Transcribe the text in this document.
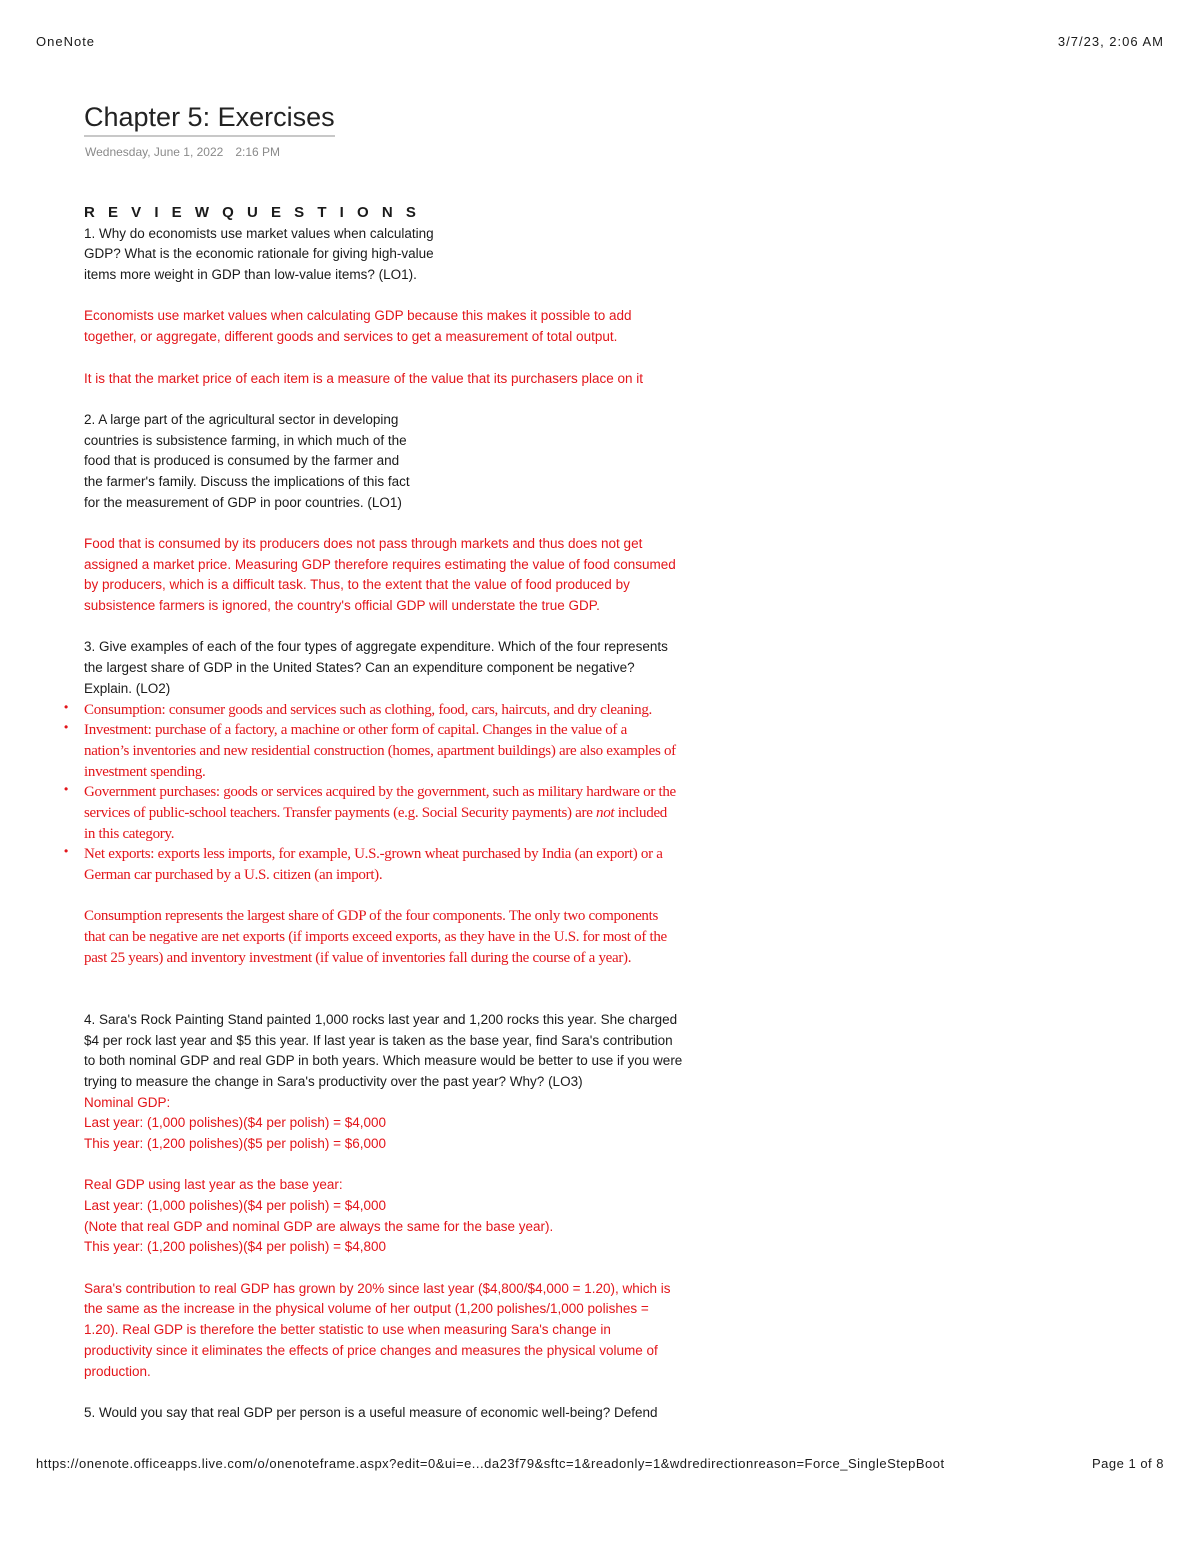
OneNote	3/7/23, 2:06 AM
Chapter 5: Exercises
Wednesday, June 1, 2022 2:16 PM
R E V I E W Q U E S T I O N S
1. Why do economists use market values when calculating
GDP? What is the economic rationale for giving high-value
items more weight in GDP than low-value items? (LO1).
Economists use market values when calculating GDP because this makes it possible to add
together, or aggregate, different goods and services to get a measurement of total output.
It is that the market price of each item is a measure of the value that its purchasers place on it
2. A large part of the agricultural sector in developing
countries is subsistence farming, in which much of the
food that is produced is consumed by the farmer and
the farmer's family. Discuss the implications of this fact
for the measurement of GDP in poor countries. (LO1)
Food that is consumed by its producers does not pass through markets and thus does not get
assigned a market price. Measuring GDP therefore requires estimating the value of food consumed
by producers, which is a difficult task. Thus, to the extent that the value of food produced by
subsistence farmers is ignored, the country's official GDP will understate the true GDP.
3. Give examples of each of the four types of aggregate expenditure. Which of the four represents
the largest share of GDP in the United States? Can an expenditure component be negative?
Explain. (LO2)
• Consumption: consumer goods and services such as clothing, food, cars, haircuts, and dry cleaning.
• Investment: purchase of a factory, a machine or other form of capital. Changes in the value of a
nation’s inventories and new residential construction (homes, apartment buildings) are also examples of
investment spending.
• Government purchases: goods or services acquired by the government, such as military hardware or the
services of public-school teachers. Transfer payments (e.g. Social Security payments) are not included
in this category.
• Net exports: exports less imports, for example, U.S.-grown wheat purchased by India (an export) or a
German car purchased by a U.S. citizen (an import).
Consumption represents the largest share of GDP of the four components. The only two components
that can be negative are net exports (if imports exceed exports, as they have in the U.S. for most of the
past 25 years) and inventory investment (if value of inventories fall during the course of a year).
4. Sara's Rock Painting Stand painted 1,000 rocks last year and 1,200 rocks this year. She charged
$4 per rock last year and $5 this year. If last year is taken as the base year, find Sara's contribution
to both nominal GDP and real GDP in both years. Which measure would be better to use if you were
trying to measure the change in Sara's productivity over the past year? Why? (LO3)
Nominal GDP:
Last year: (1,000 polishes)($4 per polish) = $4,000
This year: (1,200 polishes)($5 per polish) = $6,000
Real GDP using last year as the base year:
Last year: (1,000 polishes)($4 per polish) = $4,000
(Note that real GDP and nominal GDP are always the same for the base year).
This year: (1,200 polishes)($4 per polish) = $4,800
Sara's contribution to real GDP has grown by 20% since last year ($4,800/$4,000 = 1.20), which is
the same as the increase in the physical volume of her output (1,200 polishes/1,000 polishes =
1.20). Real GDP is therefore the better statistic to use when measuring Sara's change in
productivity since it eliminates the effects of price changes and measures the physical volume of
production.
5. Would you say that real GDP per person is a useful measure of economic well-being? Defend
https://onenote.officeapps.live.com/o/onenoteframe.aspx?edit=0&ui=e...da23f79&sftc=1&readonly=1&wdredirectionreason=Force_SingleStepBoot	Page 1 of 8
